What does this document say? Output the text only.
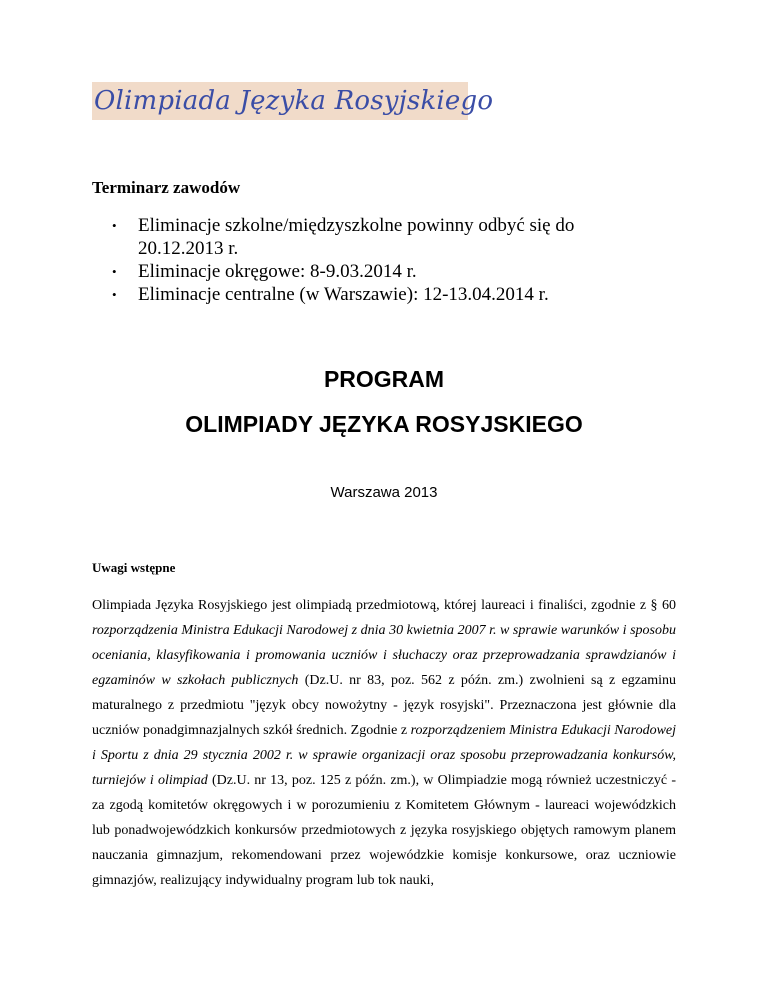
Olimpiada Języka Rosyjskiego
Terminarz zawodów
• Eliminacje szkolne/międzyszkolne powinny odbyć się do 20.12.2013 r.
• Eliminacje okręgowe: 8-9.03.2014 r.
• Eliminacje centralne (w Warszawie): 12-13.04.2014 r.
PROGRAM
OLIMPIADY JĘZYKA ROSYJSKIEGO
Warszawa 2013
Uwagi wstępne

Olimpiada Języka Rosyjskiego jest olimpiadą przedmiotową, której laureaci i finaliści, zgodnie z § 60 rozporządzenia Ministra Edukacji Narodowej z dnia 30 kwietnia 2007 r. w sprawie warunków i sposobu oceniania, klasyfikowania i promowania uczniów i słuchaczy oraz przeprowadzania sprawdzianów i egzaminów w szkołach publicznych (Dz.U. nr 83, poz. 562 z późn. zm.) zwolnieni są z egzaminu maturalnego z przedmiotu "język obcy nowożytny - język rosyjski". Przeznaczona jest głównie dla uczniów ponadgimnazjalnych szkół średnich. Zgodnie z rozporządzeniem Ministra Edukacji Narodowej i Sportu z dnia 29 stycznia 2002 r. w sprawie organizacji oraz sposobu przeprowadzania konkursów, turniejów i olimpiad (Dz.U. nr 13, poz. 125 z późn. zm.), w Olimpiadzie mogą również uczestniczyć - za zgodą komitetów okręgowych i w porozumieniu z Komitetem Głównym - laureaci wojewódzkich lub ponadwojewódzkich konkursów przedmiotowych z języka rosyjskiego objętych ramowym planem nauczania gimnazjum, rekomendowani przez wojewódzkie komisje konkursowe, oraz uczniowie gimnazjów, realizujący indywidualny program lub tok nauki,
